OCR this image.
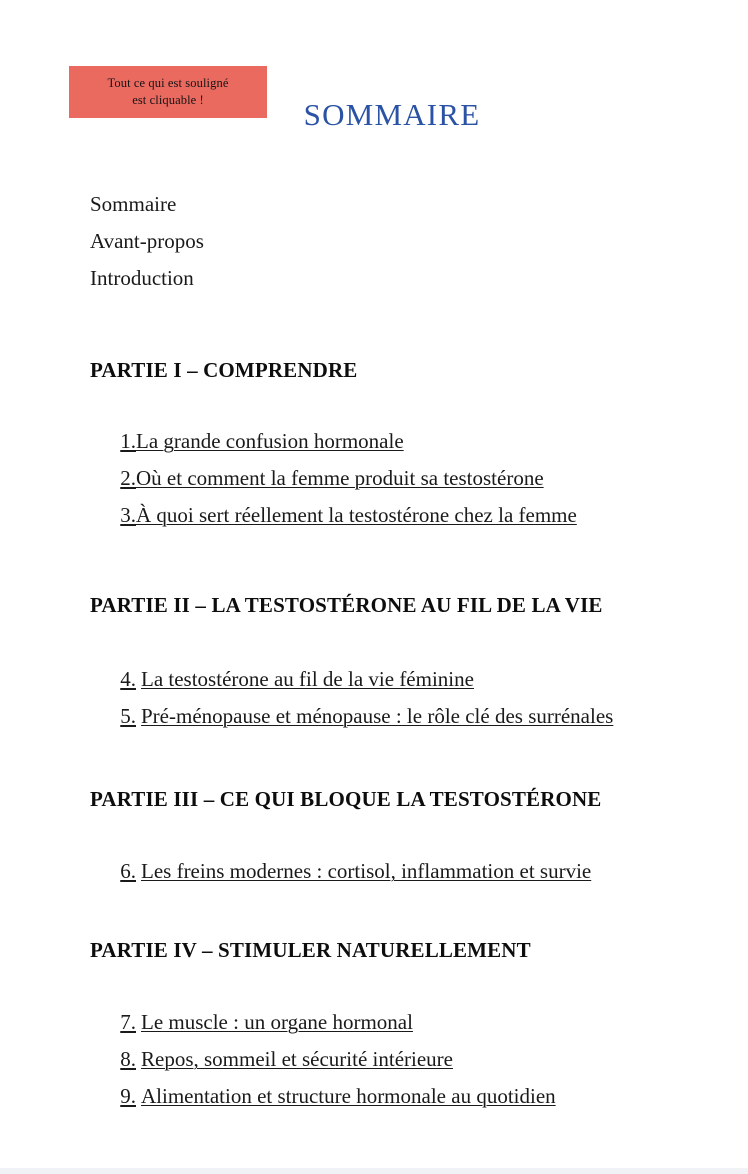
Tout ce qui est souligné
est cliquable !	SOMMAIRE
Sommaire
Avant-propos
Introduction
PARTIE I – COMPRENDRE
1.La grande confusion hormonale
2.Où et comment la femme produit sa testostérone
3.À quoi sert réellement la testostérone chez la femme
PARTIE II – LA TESTOSTÉRONE AU FIL DE LA VIE
4. La testostérone au fil de la vie féminine
5. Pré-ménopause et ménopause : le rôle clé des surrénales
PARTIE III – CE QUI BLOQUE LA TESTOSTÉRONE
6. Les freins modernes : cortisol, inflammation et survie
PARTIE IV – STIMULER NATURELLEMENT
7. Le muscle : un organe hormonal
8. Repos, sommeil et sécurité intérieure
9. Alimentation et structure hormonale au quotidien
